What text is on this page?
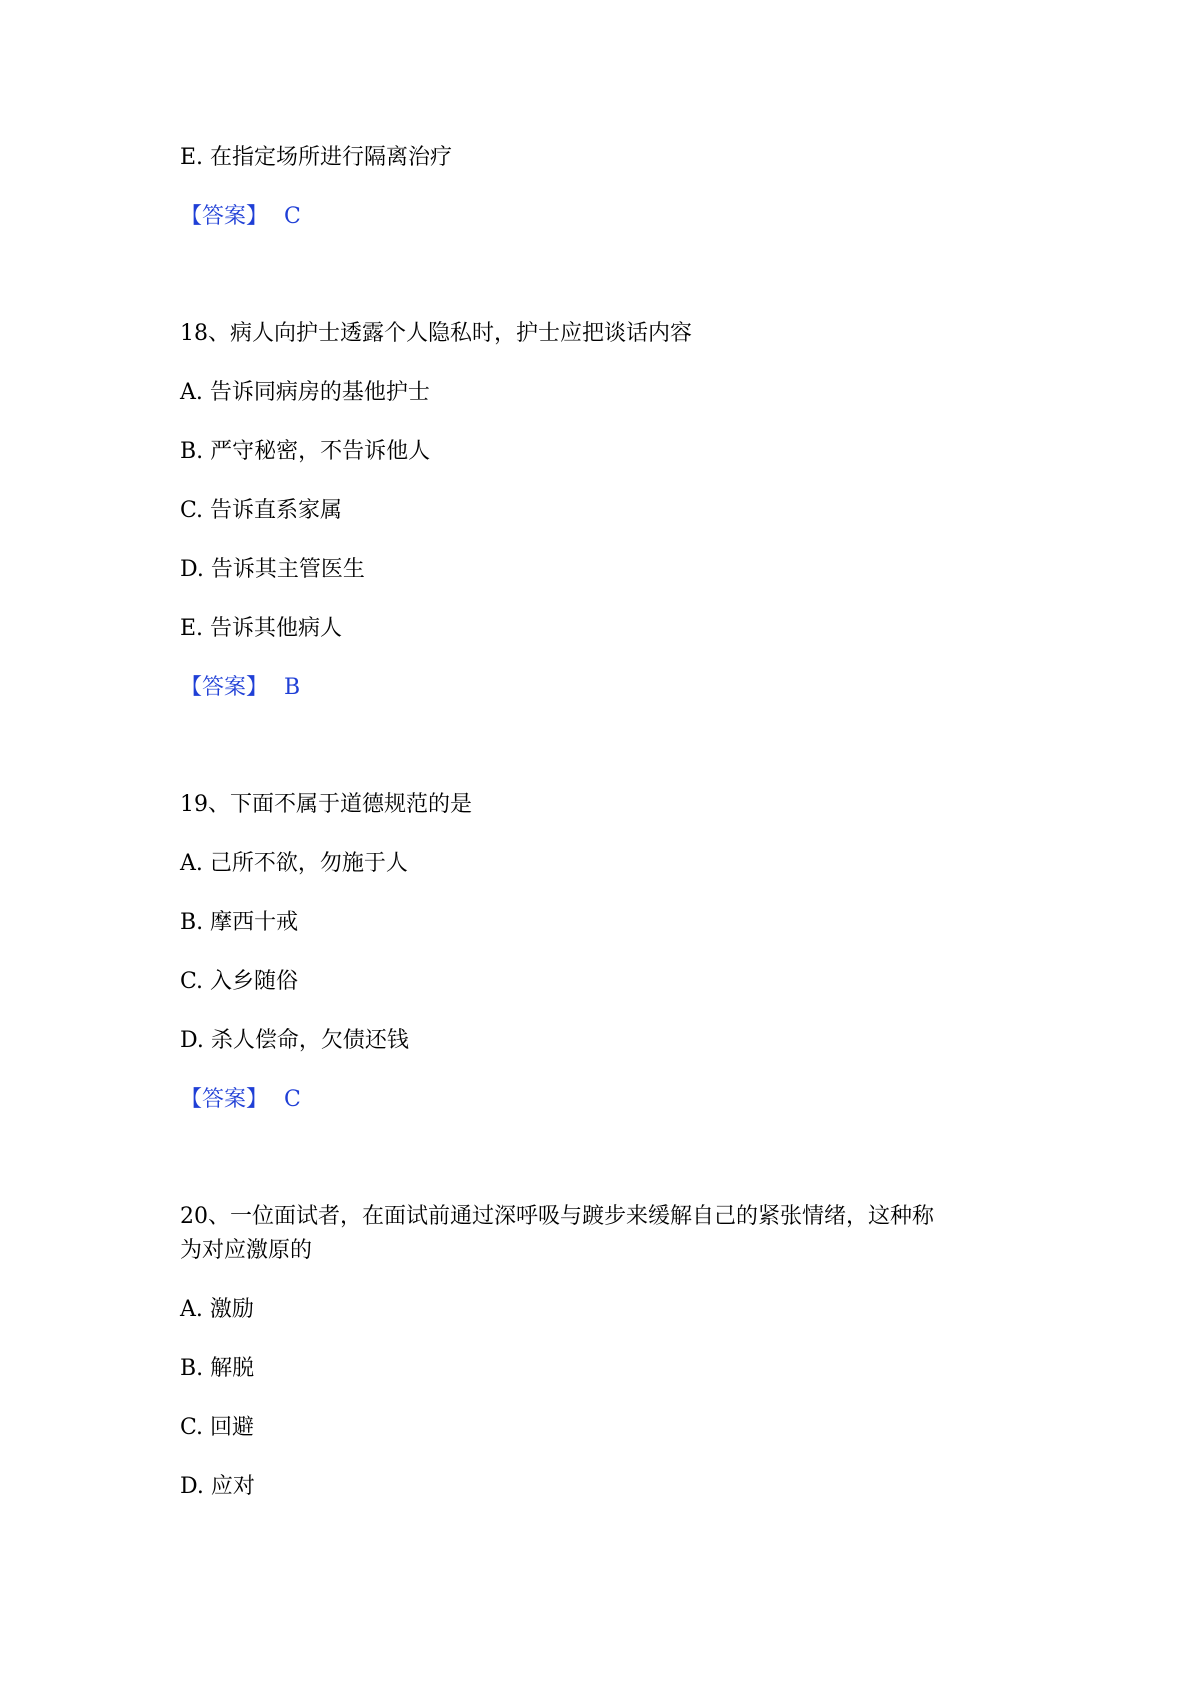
E. 在指定场所进行隔离治疗
【答案】 C
18、病人向护士透露个人隐私时，护士应把谈话内容
A. 告诉同病房的基他护士
B. 严守秘密，不告诉他人
C. 告诉直系家属
D. 告诉其主管医生
E. 告诉其他病人
【答案】 B
19、下面不属于道德规范的是
A. 己所不欲，勿施于人
B. 摩西十戒
C. 入乡随俗
D. 杀人偿命，欠债还钱
【答案】 C
20、一位面试者，在面试前通过深呼吸与踱步来缓解自己的紧张情绪，这种称
为对应激原的
A. 激励
B. 解脱
C. 回避
D. 应对
